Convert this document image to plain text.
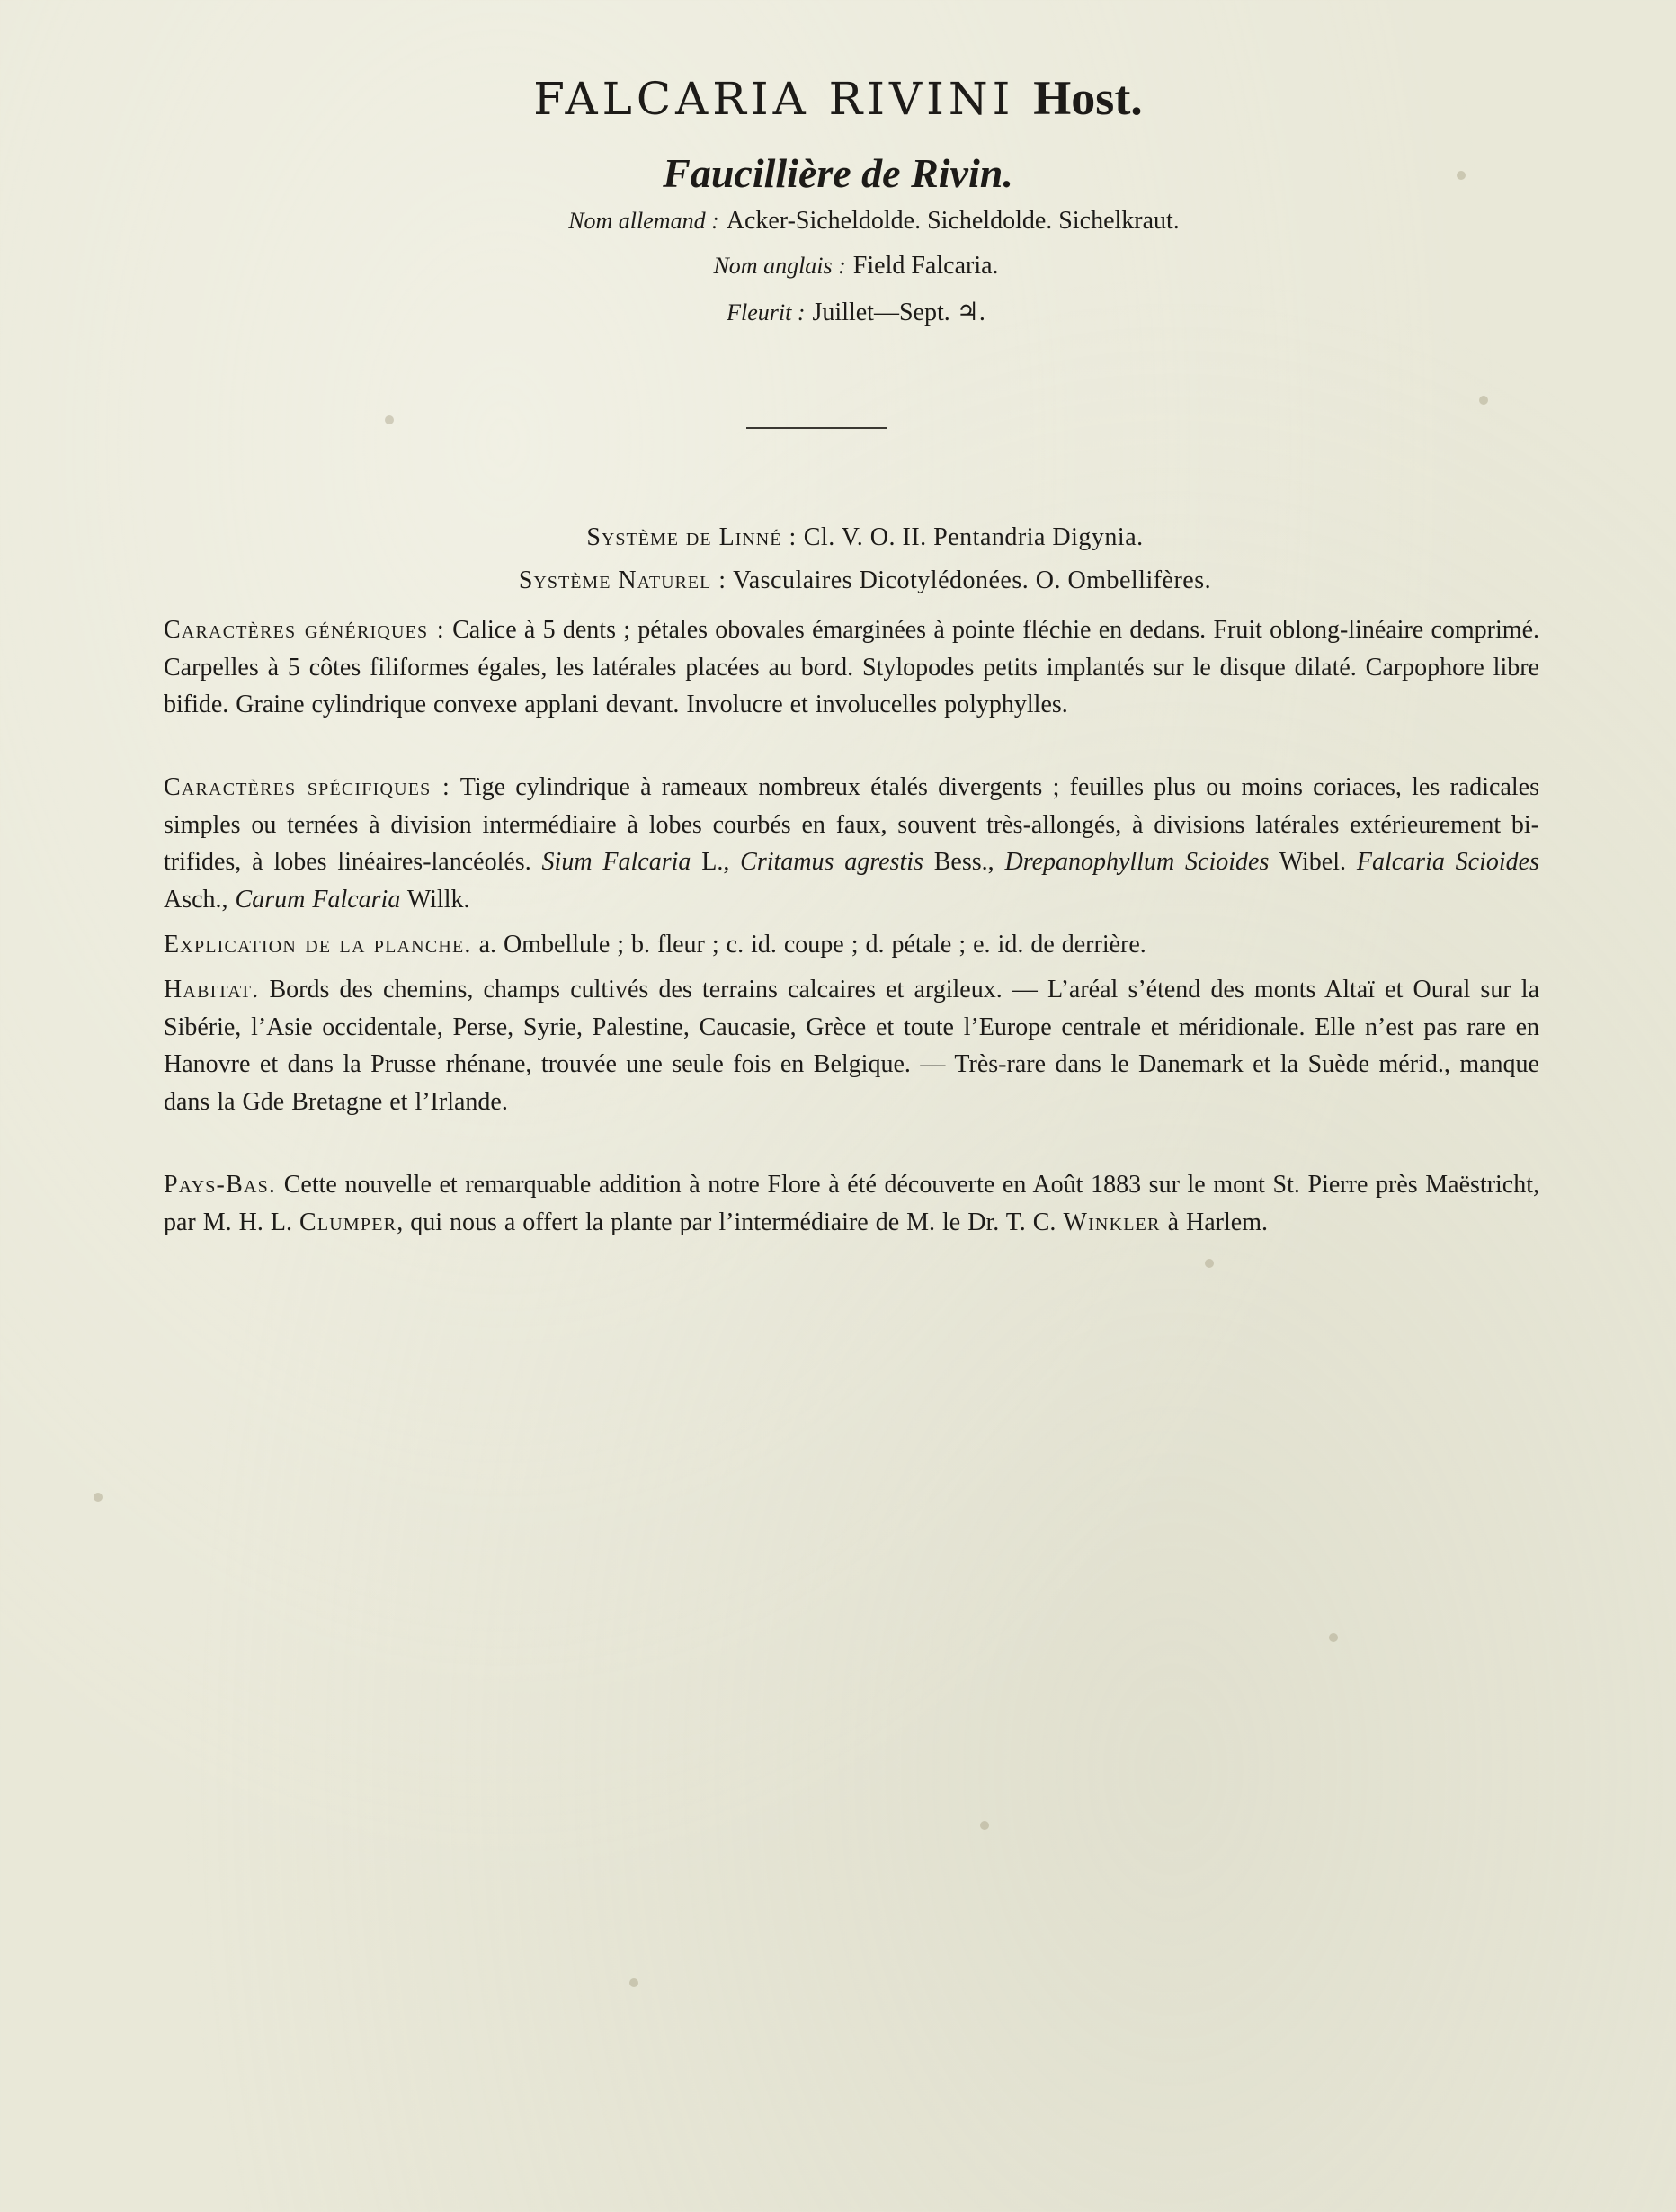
FALCARIA RIVINI Host.
Faucillière de Rivin.
Nom allemand : Acker-Sicheldolde. Sicheldolde. Sichelkraut.
Nom anglais : Field Falcaria.
Fleurit : Juillet—Sept. ♃.
Système de Linné : Cl. V. O. II. Pentandria Digynia.
Système Naturel : Vasculaires Dicotylédonées. O. Ombellifères.
Caractères génériques : Calice à 5 dents ; pétales obovales émarginées à pointe fléchie en dedans. Fruit oblong-linéaire comprimé. Carpelles à 5 côtes filiformes égales, les latérales placées au bord. Stylopodes petits implantés sur le disque dilaté. Carpophore libre bifide. Graine cylindrique convexe applani devant. Involucre et involucelles polyphylles.
Caractères spécifiques : Tige cylindrique à rameaux nombreux étalés divergents ; feuilles plus ou moins coriaces, les radicales simples ou ternées à division intermédiaire à lobes courbés en faux, souvent très-allongés, à divisions latérales extérieurement bi-trifides, à lobes linéaires-lancéolés. Sium Falcaria L., Critamus agrestis Bess., Drepanophyllum Scioides Wibel. Falcaria Scioides Asch., Carum Falcaria Willk.
Explication de la planche. a. Ombellule ; b. fleur ; c. id. coupe ; d. pétale ; e. id. de derrière.
Habitat. Bords des chemins, champs cultivés des terrains calcaires et argileux. — L’aréal s’étend des monts Altaï et Oural sur la Sibérie, l’Asie occidentale, Perse, Syrie, Palestine, Caucasie, Grèce et toute l’Europe centrale et méridionale. Elle n’est pas rare en Hanovre et dans la Prusse rhénane, trouvée une seule fois en Belgique. — Très-rare dans le Danemark et la Suède mérid., manque dans la Gde Bretagne et l’Irlande.
Pays-Bas. Cette nouvelle et remarquable addition à notre Flore à été découverte en Août 1883 sur le mont St. Pierre près Maëstricht, par M. H. L. Clumper, qui nous a offert la plante par l’intermédiaire de M. le Dr. T. C. Winkler à Harlem.
